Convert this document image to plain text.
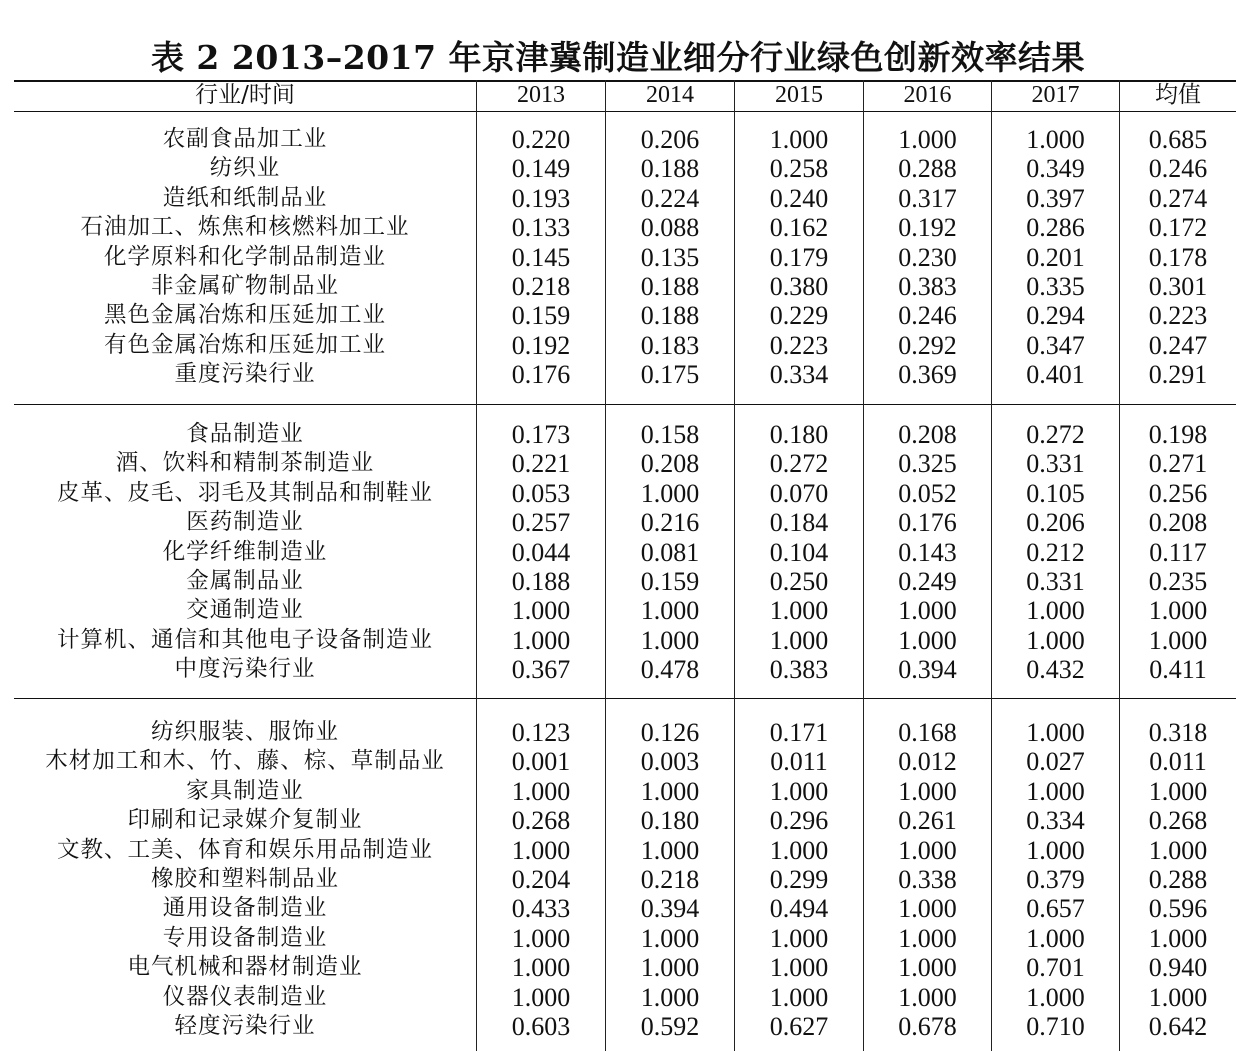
表 2 2013–2017 年京津冀制造业细分行业绿色创新效率结果
行业/时间	2013	2014	2015	2016	2017	均值
农副食品加工业	0.220	0.206	1.000	1.000	1.000	0.685
纺织业	0.149	0.188	0.258	0.288	0.349	0.246
造纸和纸制品业	0.193	0.224	0.240	0.317	0.397	0.274
石油加工、炼焦和核燃料加工业	0.133	0.088	0.162	0.192	0.286	0.172
化学原料和化学制品制造业	0.145	0.135	0.179	0.230	0.201	0.178
非金属矿物制品业	0.218	0.188	0.380	0.383	0.335	0.301
黑色金属冶炼和压延加工业	0.159	0.188	0.229	0.246	0.294	0.223
有色金属冶炼和压延加工业	0.192	0.183	0.223	0.292	0.347	0.247
重度污染行业	0.176	0.175	0.334	0.369	0.401	0.291
食品制造业	0.173	0.158	0.180	0.208	0.272	0.198
酒、饮料和精制茶制造业	0.221	0.208	0.272	0.325	0.331	0.271
皮革、皮毛、羽毛及其制品和制鞋业	0.053	1.000	0.070	0.052	0.105	0.256
医药制造业	0.257	0.216	0.184	0.176	0.206	0.208
化学纤维制造业	0.044	0.081	0.104	0.143	0.212	0.117
金属制品业	0.188	0.159	0.250	0.249	0.331	0.235
交通制造业	1.000	1.000	1.000	1.000	1.000	1.000
计算机、通信和其他电子设备制造业	1.000	1.000	1.000	1.000	1.000	1.000
中度污染行业	0.367	0.478	0.383	0.394	0.432	0.411
纺织服装、服饰业	0.123	0.126	0.171	0.168	1.000	0.318
木材加工和木、竹、藤、棕、草制品业	0.001	0.003	0.011	0.012	0.027	0.011
家具制造业	1.000	1.000	1.000	1.000	1.000	1.000
印刷和记录媒介复制业	0.268	0.180	0.296	0.261	0.334	0.268
文教、工美、体育和娱乐用品制造业	1.000	1.000	1.000	1.000	1.000	1.000
橡胶和塑料制品业	0.204	0.218	0.299	0.338	0.379	0.288
通用设备制造业	0.433	0.394	0.494	1.000	0.657	0.596
专用设备制造业	1.000	1.000	1.000	1.000	1.000	1.000
电气机械和器材制造业	1.000	1.000	1.000	1.000	0.701	0.940
仪器仪表制造业	1.000	1.000	1.000	1.000	1.000	1.000
轻度污染行业	0.603	0.592	0.627	0.678	0.710	0.642
